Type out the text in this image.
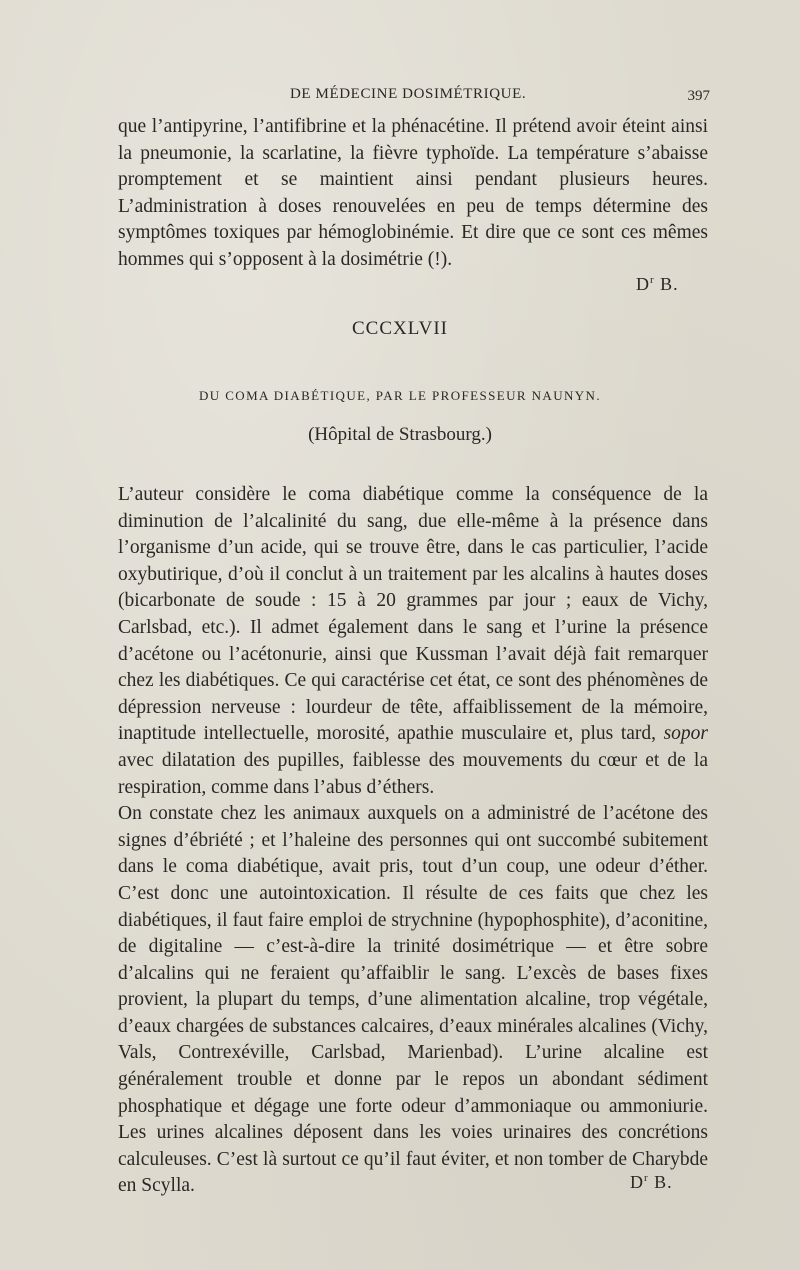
DE MÉDECINE DOSIMÉTRIQUE.	397

que l’antipyrine, l’antifibrine et la phénacétine. Il prétend avoir éteint ainsi la pneumonie, la scarlatine, la fièvre typhoïde. La température s’abaisse promptement et se maintient ainsi pendant plusieurs heures. L’administration à doses renouvelées en peu de temps détermine des symptômes toxiques par hémoglobinémie. Et dire que ce sont ces mêmes hommes qui s’opposent à la dosimétrie (!).

$D^r$ B.
CCCXLVII
DU COMA DIABÉTIQUE, PAR LE PROFESSEUR NAUNYN.
(Hôpital de Strasbourg.)

L’auteur considère le coma diabétique comme la conséquence de la diminution de l’alcalinité du sang, due elle-même à la présence dans l’organisme d’un acide, qui se trouve être, dans le cas particulier, l’acide oxybutirique, d’où il conclut à un traitement par les alcalins à hautes doses (bicarbonate de soude : 15 à 20 grammes par jour ; eaux de Vichy, Carlsbad, etc.). Il admet également dans le sang et l’urine la présence d’acétone ou l’acétonurie, ainsi que Kussman l’avait déjà fait remarquer chez les diabétiques. Ce qui caractérise cet état, ce sont des phénomènes de dépression nerveuse : lourdeur de tête, affaiblissement de la mémoire, inaptitude intellectuelle, morosité, apathie musculaire et, plus tard, sopor avec dilatation des pupilles, faiblesse des mouvements du cœur et de la respiration, comme dans l’abus d’éthers.

On constate chez les animaux auxquels on a administré de l’acétone des signes d’ébriété ; et l’haleine des personnes qui ont succombé subitement dans le coma diabétique, avait pris, tout d’un coup, une odeur d’éther. C’est donc une autointoxication. Il résulte de ces faits que chez les diabétiques, il faut faire emploi de strychnine (hypophosphite), d’aconitine, de digitaline — c’est-à-dire la trinité dosimétrique — et être sobre d’alcalins qui ne feraient qu’affaiblir le sang. L’excès de bases fixes provient, la plupart du temps, d’une alimentation alcaline, trop végétale, d’eaux chargées de substances calcaires, d’eaux minérales alcalines (Vichy, Vals, Contrexéville, Carlsbad, Marienbad). L’urine alcaline est généralement trouble et donne par le repos un abondant sédiment phosphatique et dégage une forte odeur d’ammoniaque ou ammoniurie. Les urines alcalines déposent dans les voies urinaires des concrétions calculeuses. C’est là surtout ce qu’il faut éviter, et non tomber de Charybde en Scylla.	$D^r$ B.
